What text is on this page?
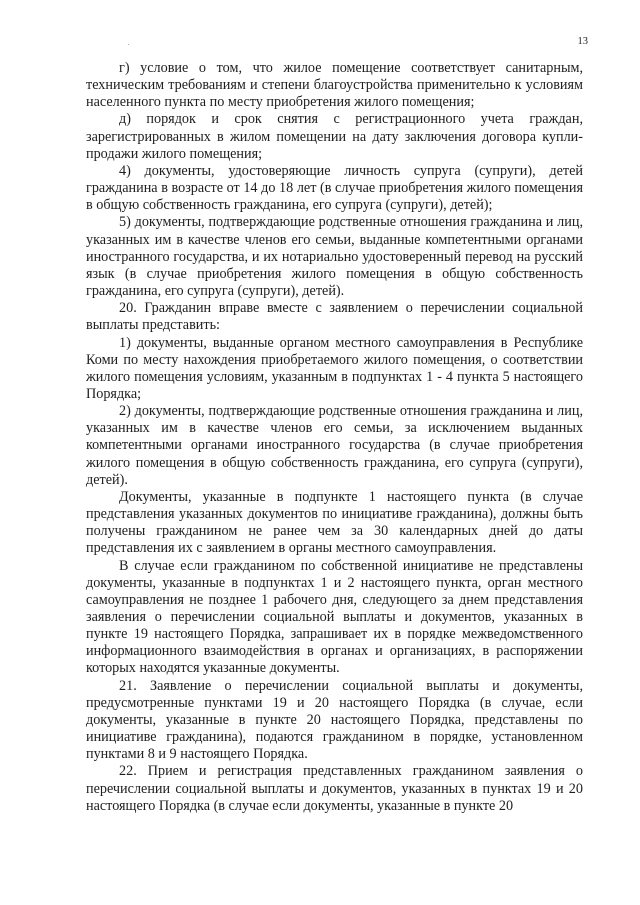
13

г) условие о том, что жилое помещение соответствует санитарным, техническим требованиям и степени благоустройства применительно к условиям населенного пункта по месту приобретения жилого помещения;

д) порядок и срок снятия с регистрационного учета граждан, зарегистрированных в жилом помещении на дату заключения договора купли-продажи жилого помещения;

4) документы, удостоверяющие личность супруга (супруги), детей гражданина в возрасте от 14 до 18 лет (в случае приобретения жилого помещения в общую собственность гражданина, его супруга (супруги), детей);

5) документы, подтверждающие родственные отношения гражданина и лиц, указанных им в качестве членов его семьи, выданные компетентными органами иностранного государства, и их нотариально удостоверенный перевод на русский язык (в случае приобретения жилого помещения в общую собственность гражданина, его супруга (супруги), детей).

20. Гражданин вправе вместе с заявлением о перечислении социальной выплаты представить:

1) документы, выданные органом местного самоуправления в Республике Коми по месту нахождения приобретаемого жилого помещения, о соответствии жилого помещения условиям, указанным в подпунктах 1 - 4 пункта 5 настоящего Порядка;

2) документы, подтверждающие родственные отношения гражданина и лиц, указанных им в качестве членов его семьи, за исключением выданных компетентными органами иностранного государства (в случае приобретения жилого помещения в общую собственность гражданина, его супруга (супруги), детей).

Документы, указанные в подпункте 1 настоящего пункта (в случае представления указанных документов по инициативе гражданина), должны быть получены гражданином не ранее чем за 30 календарных дней до даты представления их с заявлением в органы местного самоуправления.

В случае если гражданином по собственной инициативе не представлены документы, указанные в подпунктах 1 и 2 настоящего пункта, орган местного самоуправления не позднее 1 рабочего дня, следующего за днем представления заявления о перечислении социальной выплаты и документов, указанных в пункте 19 настоящего Порядка, запрашивает их в порядке межведомственного информационного взаимодействия в органах и организациях, в распоряжении которых находятся указанные документы.

21. Заявление о перечислении социальной выплаты и документы, предусмотренные пунктами 19 и 20 настоящего Порядка (в случае, если документы, указанные в пункте 20 настоящего Порядка, представлены по инициативе гражданина), подаются гражданином в порядке, установленном пунктами 8 и 9 настоящего Порядка.

22. Прием и регистрация представленных гражданином заявления о перечислении социальной выплаты и документов, указанных в пунктах 19 и 20 настоящего Порядка (в случае если документы, указанные в пункте 20
